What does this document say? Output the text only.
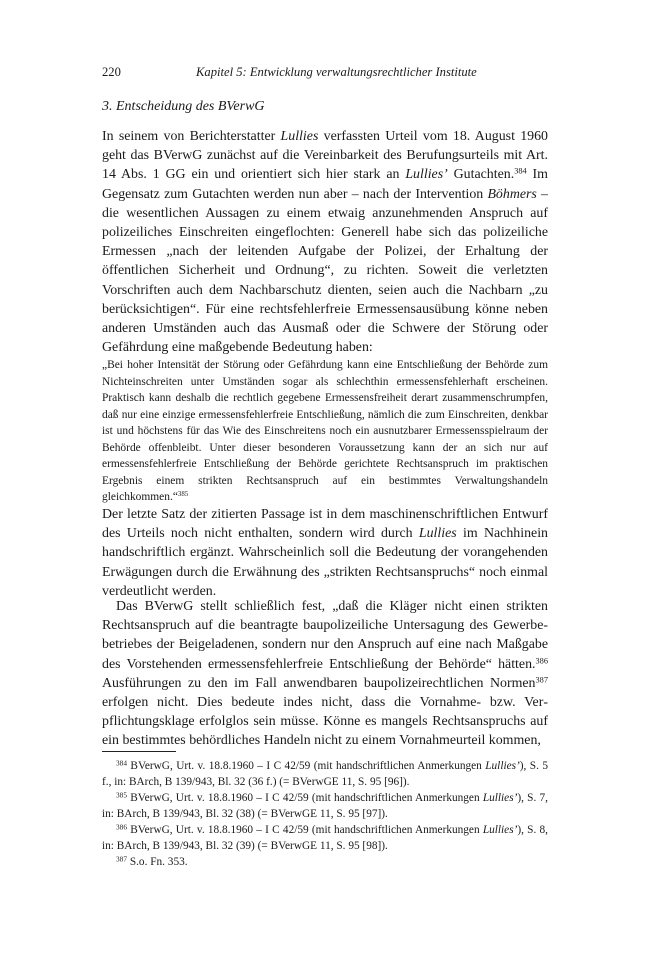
220	Kapitel 5: Entwicklung verwaltungsrechtlicher Institute
3. Entscheidung des BVerwG

In seinem von Berichterstatter Lullies verfassten Urteil vom 18. August 1960 geht das BVerwG zunächst auf die Vereinbarkeit des Berufungsurteils mit Art. 14 Abs. 1 GG ein und orientiert sich hier stark an Lullies’ Gutachten.$^{384}$ Im Gegensatz zum Gutachten werden nun aber – nach der Intervention Böhmers – die wesentlichen Aussagen zu einem etwaig anzunehmenden Anspruch auf polizeiliches Einschreiten eingeflochten: Generell habe sich das polizeiliche Ermessen „nach der leitenden Aufgabe der Polizei, der Erhaltung der öffentlichen Sicherheit und Ordnung“, zu richten. Soweit die verletzten Vorschriften auch dem Nachbarschutz dienten, seien auch die Nachbarn „zu berücksichtigen“. Für eine rechtsfehlerfreie Ermessensausübung könne neben anderen Umständen auch das Ausmaß oder die Schwere der Störung oder Gefährdung eine maßgebende Bedeutung haben:

„Bei hoher Intensität der Störung oder Gefährdung kann eine Entschließung der Behörde zum Nichteinschreiten unter Umständen sogar als schlechthin ermessensfehlerhaft erscheinen. Praktisch kann deshalb die rechtlich gegebene Ermessensfreiheit derart zusammenschrumpfen, daß nur eine einzige ermessensfehlerfreie Entschließung, nämlich die zum Einschreiten, denkbar ist und höchstens für das Wie des Einschreitens noch ein ausnutzbarer Ermessensspielraum der Behörde offenbleibt. Unter dieser besonderen Voraussetzung kann der an sich nur auf ermessensfehlerfreie Entschließung der Behörde gerichtete Rechtsanspruch im praktischen Ergebnis einem strikten Rechtsanspruch auf ein bestimmtes Verwaltungshandeln gleichkommen.“$^{385}$

Der letzte Satz der zitierten Passage ist in dem maschinenschriftlichen Entwurf des Urteils noch nicht enthalten, sondern wird durch Lullies im Nachhinein handschriftlich ergänzt. Wahrscheinlich soll die Bedeutung der vorangehenden Erwägungen durch die Erwähnung des „strikten Rechtsanspruchs“ noch einmal verdeutlicht werden.

Das BVerwG stellt schließlich fest, „daß die Kläger nicht einen strikten Rechtsanspruch auf die beantragte baupolizeiliche Untersagung des Gewerbebetriebes der Beigeladenen, sondern nur den Anspruch auf eine nach Maßgabe des Vorstehenden ermessensfehlerfreie Entschließung der Behörde“ hätten.$^{386}$ Ausführungen zu den im Fall anwendbaren baupolizeirechtlichen Normen$^{387}$ erfolgen nicht. Dies bedeute indes nicht, dass die Vornahme- bzw. Verpflichtungsklage erfolglos sein müsse. Könne es mangels Rechtsanspruchs auf ein bestimmtes behördliches Handeln nicht zu einem Vornahmeurteil kommen,

$^{384}$ BVerwG, Urt. v. 18.8.1960 – I C 42/59 (mit handschriftlichen Anmerkungen Lullies’), S. 5 f., in: BArch, B 139/943, Bl. 32 (36 f.) (= BVerwGE 11, S. 95 [96]).

$^{385}$ BVerwG, Urt. v. 18.8.1960 – I C 42/59 (mit handschriftlichen Anmerkungen Lullies’), S. 7, in: BArch, B 139/943, Bl. 32 (38) (= BVerwGE 11, S. 95 [97]).

$^{386}$ BVerwG, Urt. v. 18.8.1960 – I C 42/59 (mit handschriftlichen Anmerkungen Lullies’), S. 8, in: BArch, B 139/943, Bl. 32 (39) (= BVerwGE 11, S. 95 [98]).

$^{387}$ S.o. Fn. 353.
